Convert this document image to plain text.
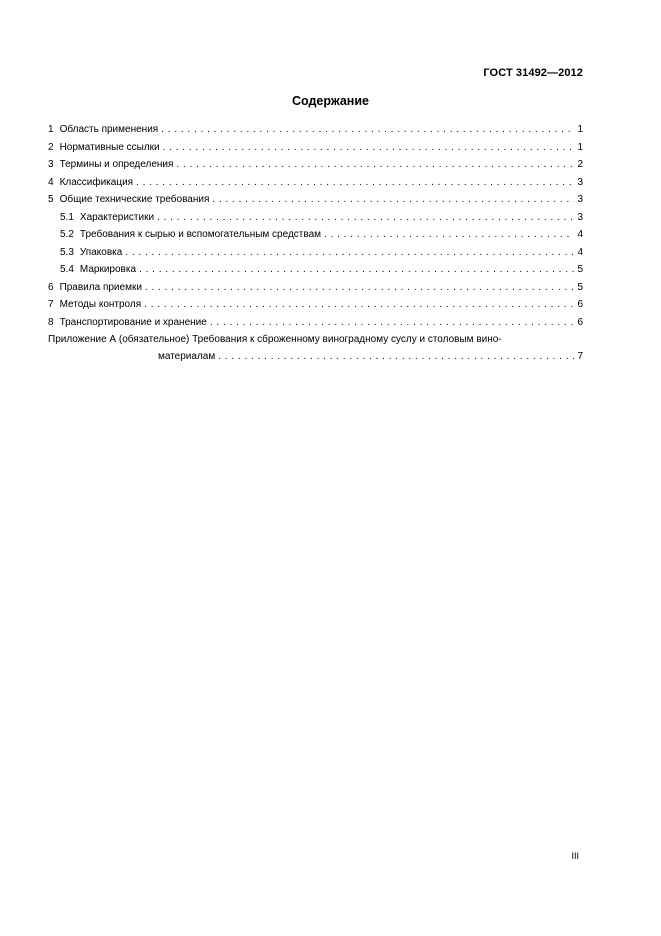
ГОСТ 31492—2012
Содержание
1 Область применения . . .	1
2 Нормативные ссылки . . .	1
3 Термины и определения . . .	2
4 Классификация . . .	3
5 Общие технические требования . . .	3
5.1 Характеристики . . .	3
5.2 Требования к сырью и вспомогательным средствам . . .	4
5.3 Упаковка . . .	4
5.4 Маркировка . . .	5
6 Правила приемки . . .	5
7 Методы контроля . . .	6
8 Транспортирование и хранение . . .	6
Приложение А (обязательное) Требования к сброженному виноградному суслу и столовым вино-
материалам . . .	7
III
